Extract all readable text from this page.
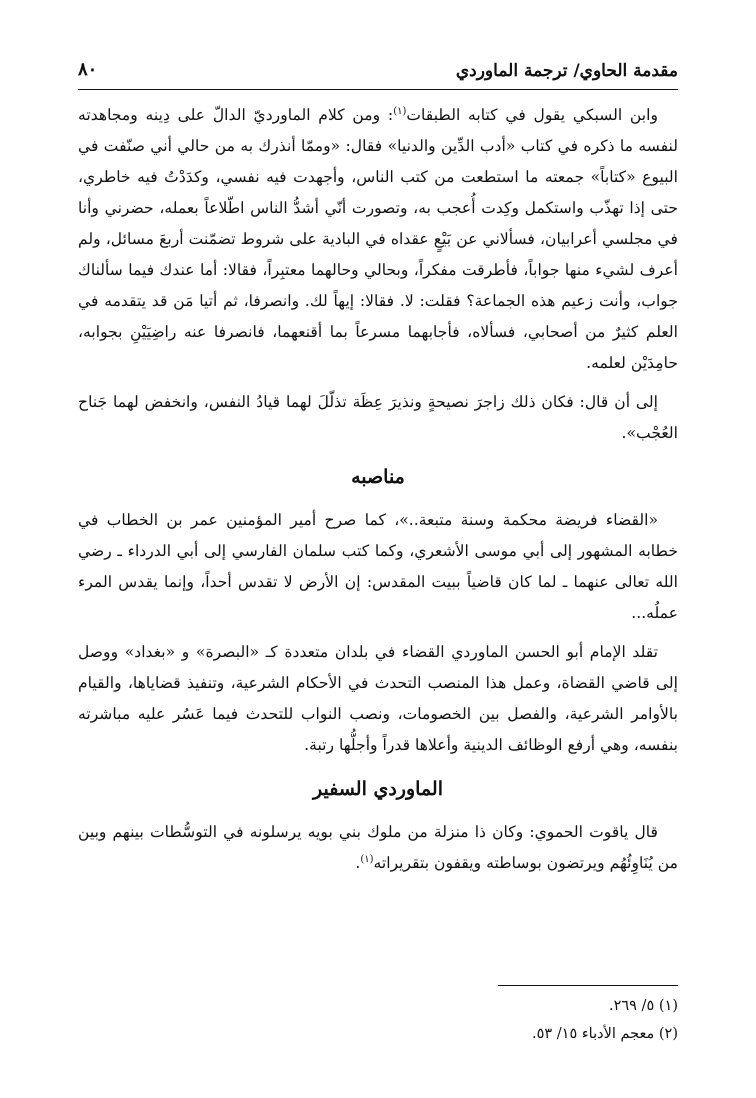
مقدمة الحاوي/ ترجمة الماوردي
٨٠

وابن السبكي يقول في كتابه الطبقات$^{(١)}$: ومن كلام الماورديّ الدالّ على دِينه ومجاهدته لنفسه ما ذكره في كتاب «أدب الدِّين والدنيا» فقال: «وممّا أنذرك به من حالي أني صنّفت في البيوع «كتاباً» جمعته ما استطعت من كتب الناس، وأجهدت فيه نفسي، وكدَدْتُ فيه خاطري، حتى إذا تهذّب واستكمل وكِدت أُعجب به، وتصورت أنّي أشدُّ الناس اطّلاعاً بعمله، حضرني وأنا في مجلسي أعرابيان، فسألاني عن بَيْعٍ عقداه في البادية على شروط تضمّنت أربعَ مسائل، ولم أعرف لشيء منها جواباً، فأطرقت مفكراً، وبحالي وحالهما معتبِراً، فقالا: أما عندك فيما سألناك جواب، وأنت زعيم هذه الجماعة؟ فقلت: لا. فقالا: إيهاً لك. وانصرفا، ثم أتيا مَن قد يتقدمه في العلم كثيرٌ من أصحابي، فسألاه، فأجابهما مسرعاً بما أقنعهما، فانصرفا عنه راضِيَيْنِ بجوابه، حامِدَيْن لعلمه.

إلى أن قال: فكان ذلك زاجرَ نصيحةٍ ونذيرَ عِظَة تذلّلَ لهما قيادُ النفس، وانخفض لهما جَناح العُجْب».

مناصبه

«القضاء فريضة محكمة وسنة متبعة..»، كما صرح أمير المؤمنين عمر بن الخطاب في خطابه المشهور إلى أبي موسى الأشعري، وكما كتب سلمان الفارسي إلى أبي الدرداء ـ رضي الله تعالى عنهما ـ لما كان قاضياً ببيت المقدس: إن الأرض لا تقدس أحداً، وإنما يقدس المرء عملُه...

تقلد الإمام أبو الحسن الماوردي القضاء في بلدان متعددة كـ «البصرة» و «بغداد» ووصل إلى قاضي القضاة، وعمل هذا المنصب التحدث في الأحكام الشرعية، وتنفيذ قضاياها، والقيام بالأوامر الشرعية، والفصل بين الخصومات، ونصب النواب للتحدث فيما عَسُر عليه مباشرته بنفسه، وهي أرفع الوظائف الدينية وأعلاها قدراً وأجلُّها رتبة.

الماوردي السفير

قال ياقوت الحموي: وكان ذا منزلة من ملوك بني بويه يرسلونه في التوسُّطات بينهم وبين من يُنَاوِئُهُم ويرتضون بوساطته ويقفون بتقريراته$^{(١)}$.

(١) ٥/ ٢٦٩.
(٢) معجم الأدباء ١٥/ ٥٣.
